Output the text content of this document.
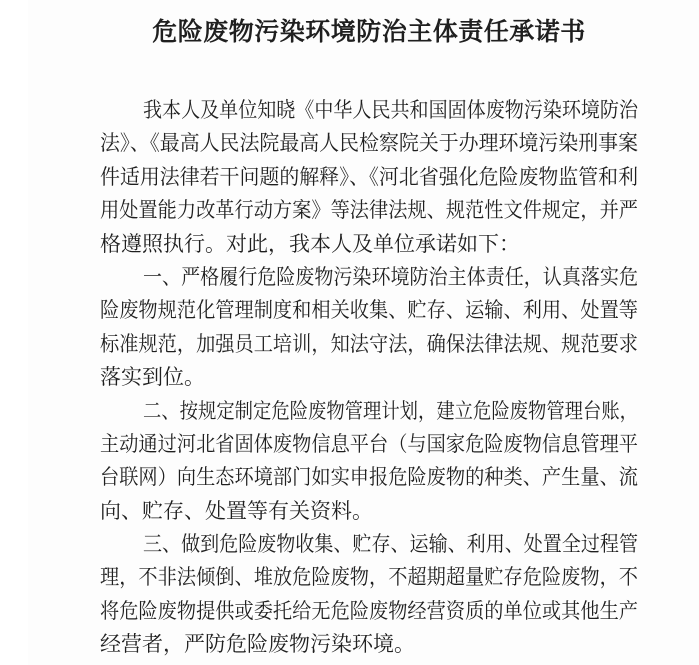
危险废物污染环境防治主体责任承诺书
我本人及单位知晓《中华人民共和国固体废物污染环境防治
法》、《最高人民法院最高人民检察院关于办理环境污染刑事案
件适用法律若干问题的解释》、《河北省强化危险废物监管和利
用处置能力改革行动方案》等法律法规、规范性文件规定，并严
格遵照执行。对此，我本人及单位承诺如下：
一、严格履行危险废物污染环境防治主体责任，认真落实危
险废物规范化管理制度和相关收集、贮存、运输、利用、处置等
标准规范，加强员工培训，知法守法，确保法律法规、规范要求
落实到位。
二、按规定制定危险废物管理计划，建立危险废物管理台账，
主动通过河北省固体废物信息平台（与国家危险废物信息管理平
台联网）向生态环境部门如实申报危险废物的种类、产生量、流
向、贮存、处置等有关资料。
三、做到危险废物收集、贮存、运输、利用、处置全过程管
理，不非法倾倒、堆放危险废物，不超期超量贮存危险废物，不
将危险废物提供或委托给无危险废物经营资质的单位或其他生产
经营者，严防危险废物污染环境。
